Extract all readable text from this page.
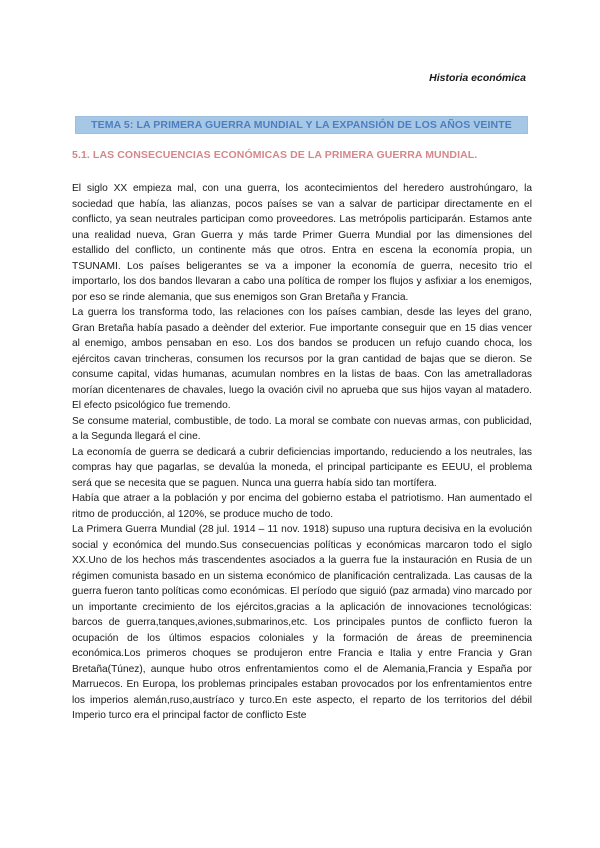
Historia económica
TEMA 5: LA PRIMERA GUERRA MUNDIAL Y LA EXPANSIÓN DE LOS AÑOS VEINTE
5.1. LAS CONSECUENCIAS ECONÓMICAS DE LA PRIMERA GUERRA MUNDIAL.

El siglo XX empieza mal, con una guerra, los acontecimientos del heredero austrohúngaro, la sociedad que había, las alianzas, pocos países se van a salvar de participar directamente en el conflicto, ya sean neutrales participan como proveedores. Las metrópolis participarán. Estamos ante una realidad nueva, Gran Guerra y más tarde Primer Guerra Mundial por las dimensiones del estallido del conflicto, un continente más que otros. Entra en escena la economía propia, un TSUNAMI. Los países beligerantes se va a imponer la economía de guerra, necesito trio el importarlo, los dos bandos llevaran a cabo una política de romper los flujos y asfixiar a los enemigos, por eso se rinde alemania, que sus enemigos son Gran Bretaña y Francia.

La guerra los transforma todo, las relaciones con los países cambian, desde las leyes del grano, Gran Bretaña había pasado a deènder del exterior. Fue importante conseguir que en 15 dias vencer al enemigo, ambos pensaban en eso. Los dos bandos se producen un refujo cuando choca, los ejércitos cavan trincheras, consumen los recursos por la gran cantidad de bajas que se dieron. Se consume capital, vidas humanas, acumulan nombres en la listas de baas. Con las ametralladoras morían dicentenares de chavales, luego la ovación civil no aprueba que sus hijos vayan al matadero. El efecto psicológico fue tremendo.

Se consume material, combustible, de todo. La moral se combate con nuevas armas, con publicidad, a la Segunda llegará el cine.

La economía de guerra se dedicará a cubrir deficiencias importando, reduciendo a los neutrales, las compras hay que pagarlas, se devalúa la moneda, el principal participante es EEUU, el problema será que se necesita que se paguen. Nunca una guerra había sido tan mortífera.

Había que atraer a la población y por encima del gobierno estaba el patriotismo. Han aumentado el ritmo de producción, al 120%, se produce mucho de todo.

La Primera Guerra Mundial (28 jul. 1914 – 11 nov. 1918) supuso una ruptura decisiva en la evolución social y económica del mundo.Sus consecuencias políticas y económicas marcaron todo el siglo XX.Uno de los hechos más trascendentes asociados a la guerra fue la instauración en Rusia de un régimen comunista basado en un sistema económico de planificación centralizada. Las causas de la guerra fueron tanto políticas como económicas. El período que siguió (paz armada) vino marcado por un importante crecimiento de los ejércitos,gracias a la aplicación de innovaciones tecnológicas: barcos de guerra,tanques,aviones,submarinos,etc. Los principales puntos de conflicto fueron la ocupación de los últimos espacios coloniales y la formación de áreas de preeminencia económica.Los primeros choques se produjeron entre Francia e Italia y entre Francia y Gran Bretaña(Túnez), aunque hubo otros enfrentamientos como el de Alemania,Francia y España por Marruecos. En Europa, los problemas principales estaban provocados por los enfrentamientos entre los imperios alemán,ruso,austríaco y turco.En este aspecto, el reparto de los territorios del débil Imperio turco era el principal factor de conflicto Este
